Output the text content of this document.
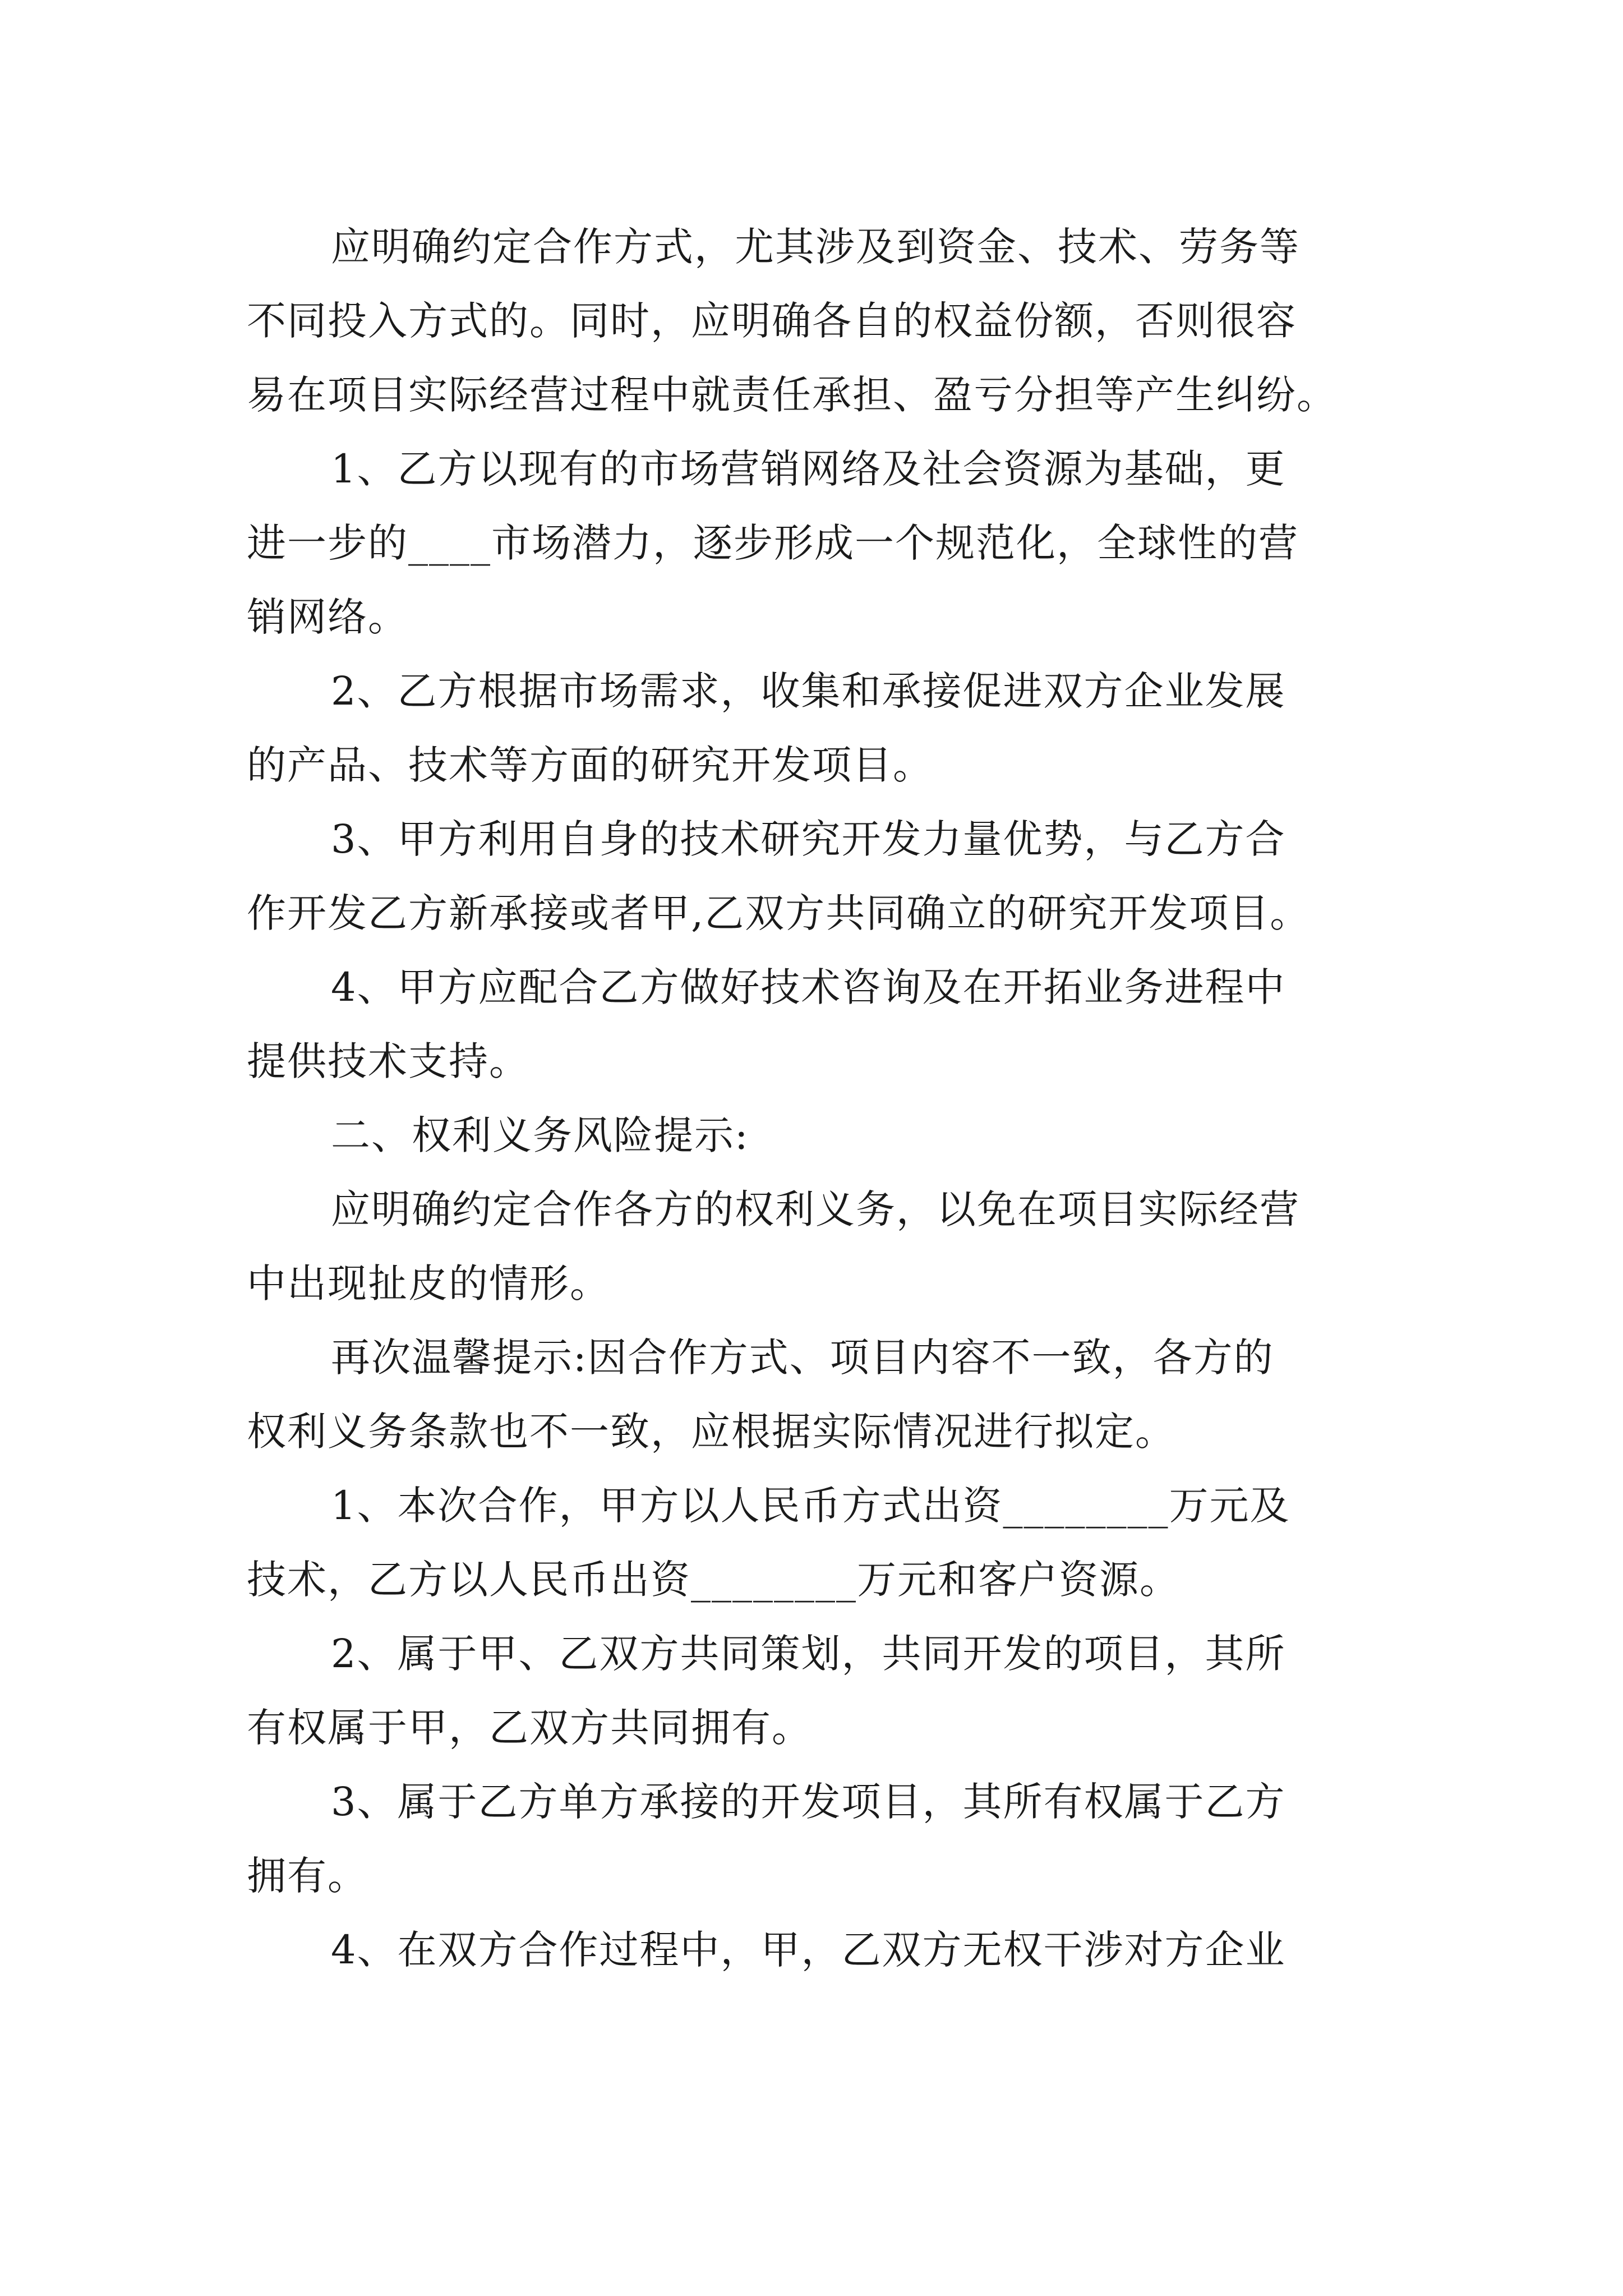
应明确约定合作方式，尤其涉及到资金、技术、劳务等

不同投入方式的。同时，应明确各自的权益份额，否则很容

易在项目实际经营过程中就责任承担、盈亏分担等产生纠纷。

1、乙方以现有的市场营销网络及社会资源为基础，更

进一步的____市场潜力，逐步形成一个规范化，全球性的营

销网络。

2、乙方根据市场需求，收集和承接促进双方企业发展

的产品、技术等方面的研究开发项目。

3、甲方利用自身的技术研究开发力量优势，与乙方合

作开发乙方新承接或者甲,乙双方共同确立的研究开发项目。

4、甲方应配合乙方做好技术咨询及在开拓业务进程中

提供技术支持。

二、权利义务风险提示:

应明确约定合作各方的权利义务，以免在项目实际经营

中出现扯皮的情形。

再次温馨提示:因合作方式、项目内容不一致，各方的

权利义务条款也不一致，应根据实际情况进行拟定。

1、本次合作，甲方以人民币方式出资________万元及

技术，乙方以人民币出资________万元和客户资源。

2、属于甲、乙双方共同策划，共同开发的项目，其所

有权属于甲，乙双方共同拥有。

3、属于乙方单方承接的开发项目，其所有权属于乙方

拥有。

4、在双方合作过程中，甲，乙双方无权干涉对方企业
